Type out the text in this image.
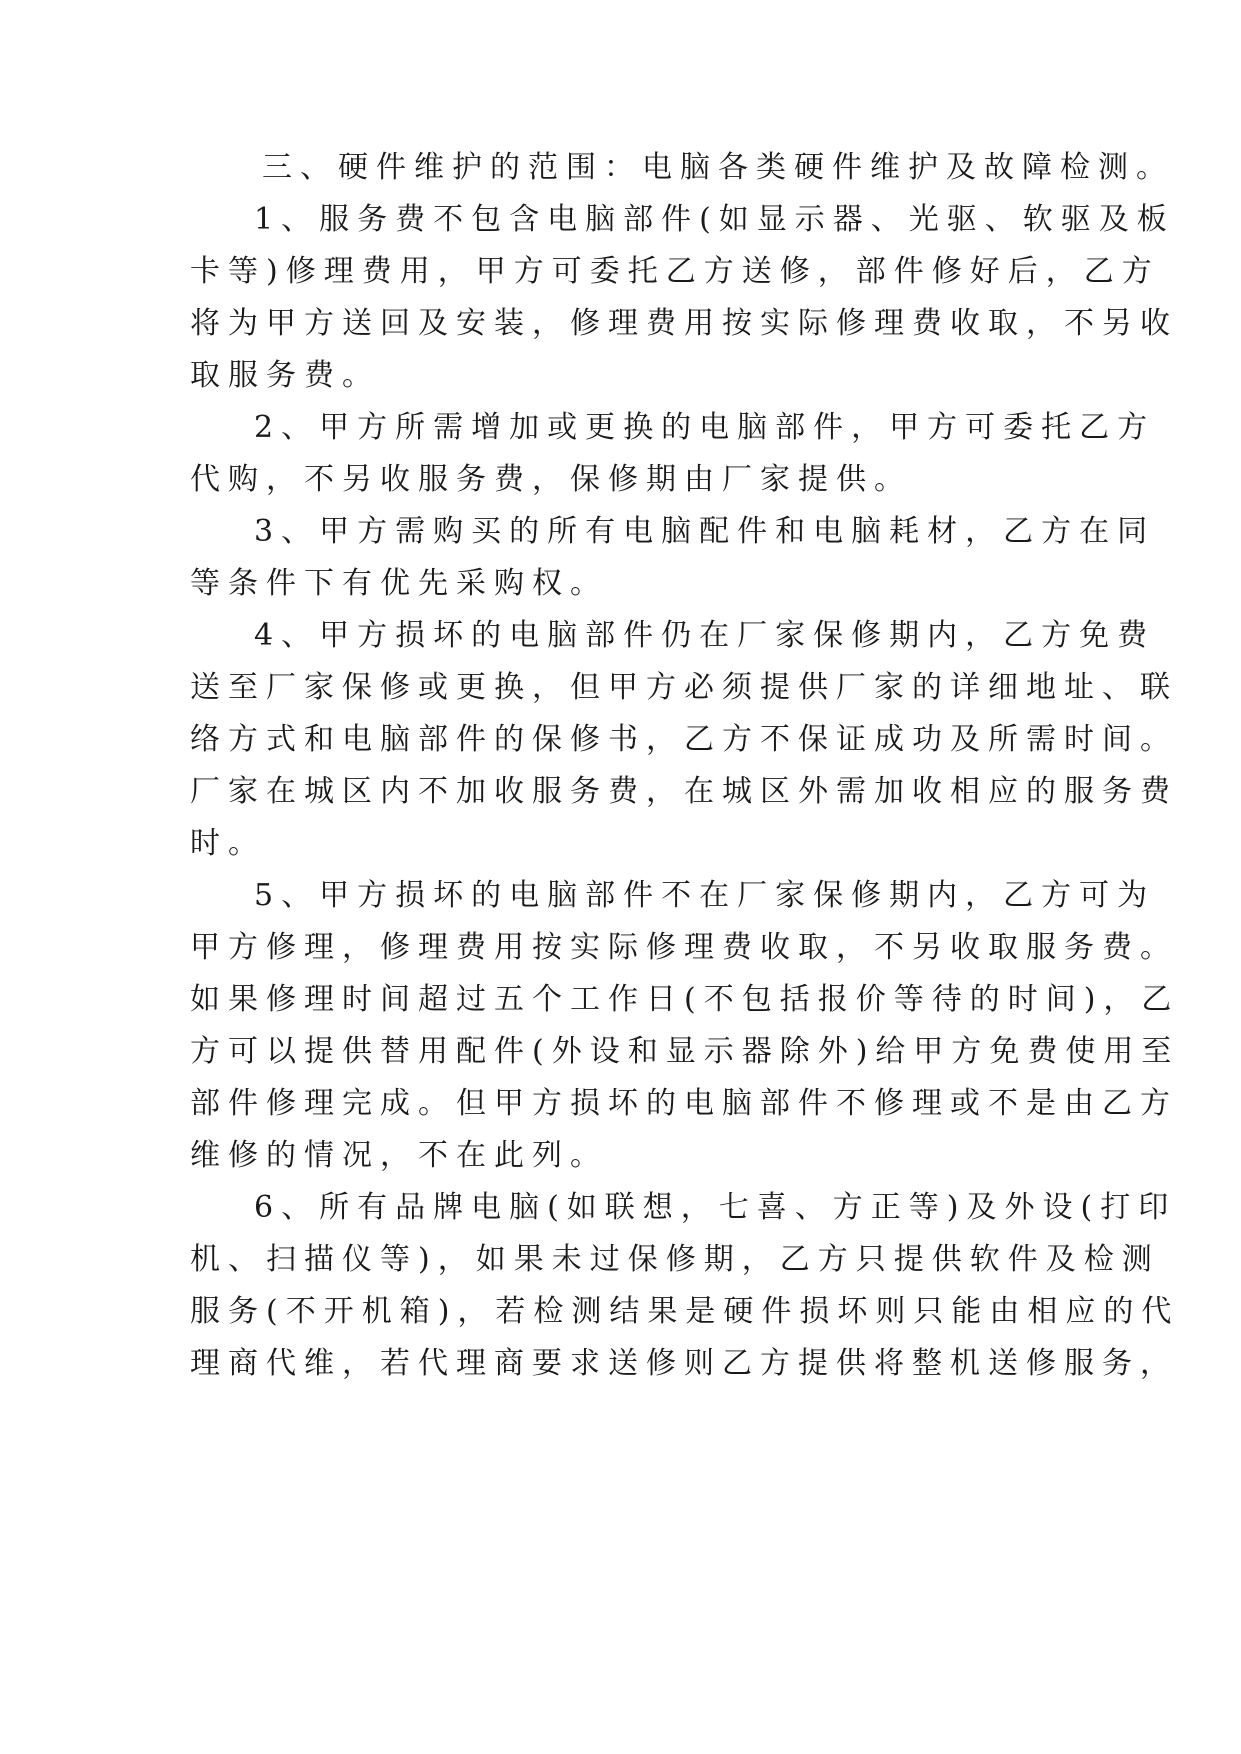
三、硬件维护的范围：电脑各类硬件维护及故障检测。
1、服务费不包含电脑部件(如显示器、光驱、软驱及板
卡等)修理费用，甲方可委托乙方送修，部件修好后，乙方
将为甲方送回及安装，修理费用按实际修理费收取，不另收
取服务费。
2、甲方所需增加或更换的电脑部件，甲方可委托乙方
代购，不另收服务费，保修期由厂家提供。
3、甲方需购买的所有电脑配件和电脑耗材，乙方在同
等条件下有优先采购权。
4、甲方损坏的电脑部件仍在厂家保修期内，乙方免费
送至厂家保修或更换，但甲方必须提供厂家的详细地址、联
络方式和电脑部件的保修书，乙方不保证成功及所需时间。
厂家在城区内不加收服务费，在城区外需加收相应的服务费
时。
5、甲方损坏的电脑部件不在厂家保修期内，乙方可为
甲方修理，修理费用按实际修理费收取，不另收取服务费。
如果修理时间超过五个工作日(不包括报价等待的时间)，乙
方可以提供替用配件(外设和显示器除外)给甲方免费使用至
部件修理完成。但甲方损坏的电脑部件不修理或不是由乙方
维修的情况，不在此列。
6、所有品牌电脑(如联想，七喜、方正等)及外设(打印
机、扫描仪等)，如果未过保修期，乙方只提供软件及检测
服务(不开机箱)，若检测结果是硬件损坏则只能由相应的代
理商代维，若代理商要求送修则乙方提供将整机送修服务，
